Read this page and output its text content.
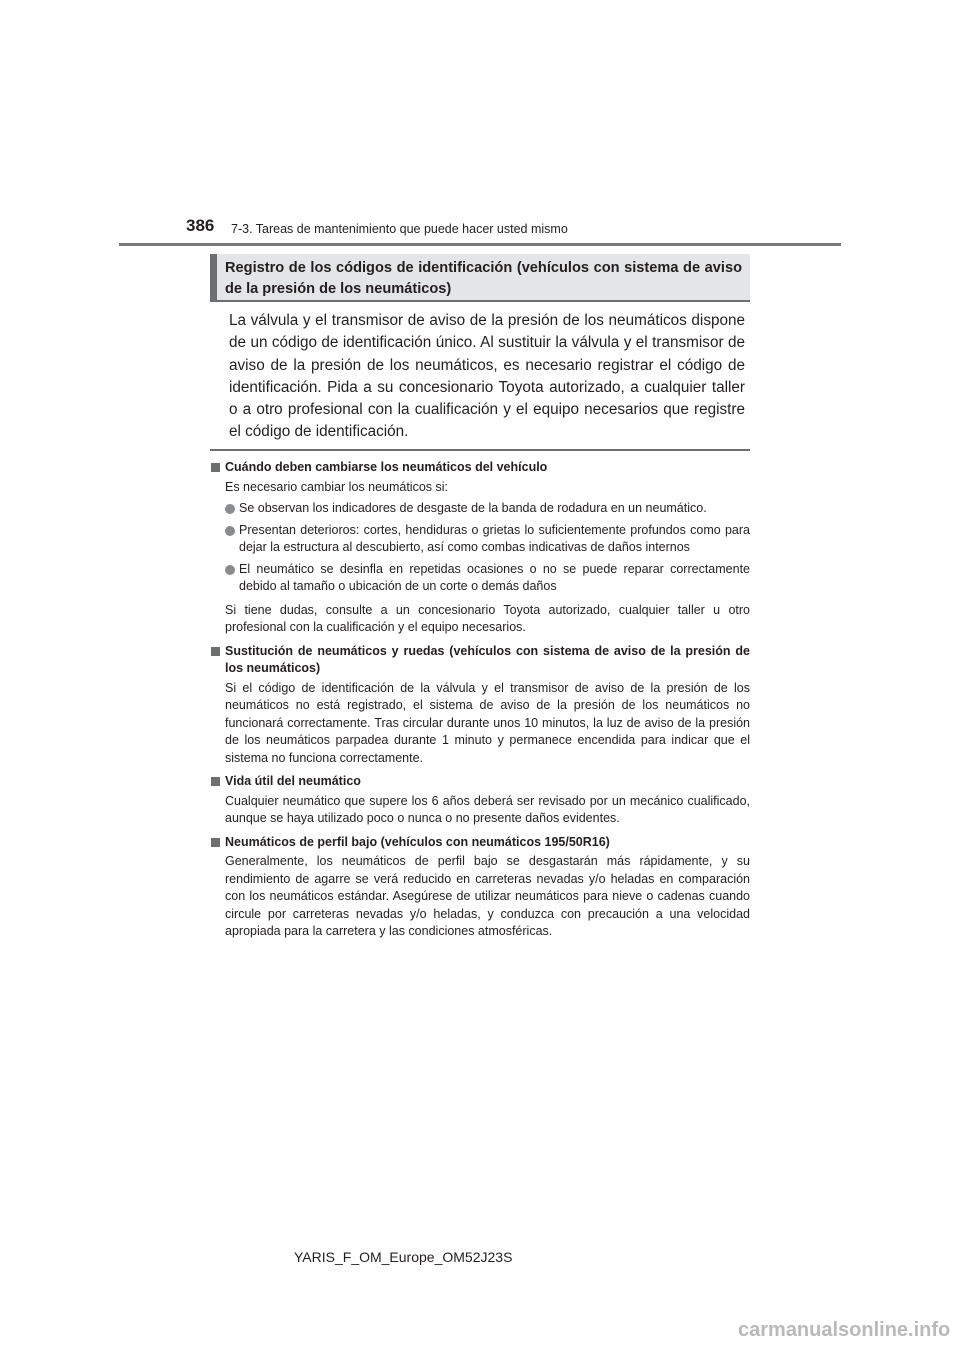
386 7-3. Tareas de mantenimiento que puede hacer usted mismo
Registro de los códigos de identificación (vehículos con sistema de aviso de la presión de los neumáticos)
La válvula y el transmisor de aviso de la presión de los neumáticos dispone de un código de identificación único. Al sustituir la válvula y el transmisor de aviso de la presión de los neumáticos, es necesario registrar el código de identificación. Pida a su concesionario Toyota autorizado, a cualquier taller o a otro profesional con la cualificación y el equipo necesarios que registre el código de identificación.
Cuándo deben cambiarse los neumáticos del vehículo
Es necesario cambiar los neumáticos si:
Se observan los indicadores de desgaste de la banda de rodadura en un neumático.
Presentan deterioros: cortes, hendiduras o grietas lo suficientemente profundos como para dejar la estructura al descubierto, así como combas indicativas de daños internos
El neumático se desinfla en repetidas ocasiones o no se puede reparar correctamente debido al tamaño o ubicación de un corte o demás daños
Si tiene dudas, consulte a un concesionario Toyota autorizado, cualquier taller u otro profesional con la cualificación y el equipo necesarios.
Sustitución de neumáticos y ruedas (vehículos con sistema de aviso de la presión de los neumáticos)
Si el código de identificación de la válvula y el transmisor de aviso de la presión de los neumáticos no está registrado, el sistema de aviso de la presión de los neumáticos no funcionará correctamente. Tras circular durante unos 10 minutos, la luz de aviso de la presión de los neumáticos parpadea durante 1 minuto y permanece encendida para indicar que el sistema no funciona correctamente.
Vida útil del neumático
Cualquier neumático que supere los 6 años deberá ser revisado por un mecánico cualificado, aunque se haya utilizado poco o nunca o no presente daños evidentes.
Neumáticos de perfil bajo (vehículos con neumáticos 195/50R16)
Generalmente, los neumáticos de perfil bajo se desgastarán más rápidamente, y su rendimiento de agarre se verá reducido en carreteras nevadas y/o heladas en comparación con los neumáticos estándar. Asegúrese de utilizar neumáticos para nieve o cadenas cuando circule por carreteras nevadas y/o heladas, y conduzca con precaución a una velocidad apropiada para la carretera y las condiciones atmosféricas.
YARIS_F_OM_Europe_OM52J23S
carmanualsonline.info
